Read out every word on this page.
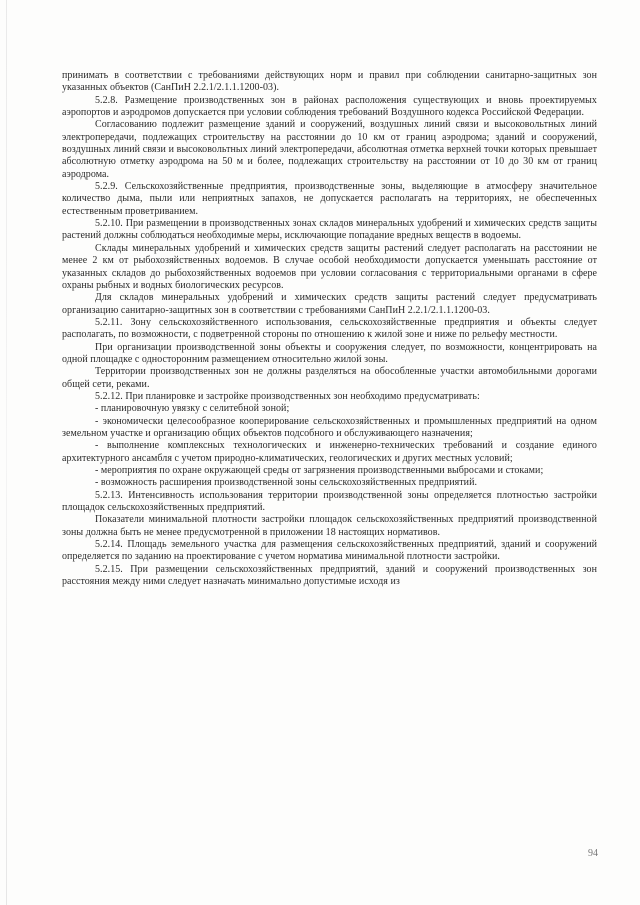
принимать в соответствии с требованиями действующих норм и правил при соблюдении санитарно-защитных зон указанных объектов (СанПиН 2.2.1/2.1.1.1200-03).

5.2.8. Размещение производственных зон в районах расположения существующих и вновь проектируемых аэропортов и аэродромов допускается при условии соблюдения требований Воздушного кодекса Российской Федерации.

Согласованию подлежит размещение зданий и сооружений, воздушных линий связи и высоковольтных линий электропередачи, подлежащих строительству на расстоянии до 10 км от границ аэродрома; зданий и сооружений, воздушных линий связи и высоковольтных линий электропередачи, абсолютная отметка верхней точки которых превышает абсолютную отметку аэродрома на 50 м и более, подлежащих строительству на расстоянии от 10 до 30 км от границ аэродрома.

5.2.9. Сельскохозяйственные предприятия, производственные зоны, выделяющие в атмосферу значительное количество дыма, пыли или неприятных запахов, не допускается располагать на территориях, не обеспеченных естественным проветриванием.

5.2.10. При размещении в производственных зонах складов минеральных удобрений и химических средств защиты растений должны соблюдаться необходимые меры, исключающие попадание вредных веществ в водоемы.

Склады минеральных удобрений и химических средств защиты растений следует располагать на расстоянии не менее 2 км от рыбохозяйственных водоемов. В случае особой необходимости допускается уменьшать расстояние от указанных складов до рыбохозяйственных водоемов при условии согласования с территориальными органами в сфере охраны рыбных и водных биологических ресурсов.

Для складов минеральных удобрений и химических средств защиты растений следует предусматривать организацию санитарно-защитных зон в соответствии с требованиями СанПиН 2.2.1/2.1.1.1200-03.

5.2.11. Зону сельскохозяйственного использования, сельскохозяйственные предприятия и объекты следует располагать, по возможности, с подветренной стороны по отношению к жилой зоне и ниже по рельефу местности.

При организации производственной зоны объекты и сооружения следует, по возможности, концентрировать на одной площадке с односторонним размещением относительно жилой зоны.

Территории производственных зон не должны разделяться на обособленные участки автомобильными дорогами общей сети, реками.

5.2.12. При планировке и застройке производственных зон необходимо предусматривать:

- планировочную увязку с селитебной зоной;

- экономически целесообразное кооперирование сельскохозяйственных и промышленных предприятий на одном земельном участке и организацию общих объектов подсобного и обслуживающего назначения;

- выполнение комплексных технологических и инженерно-технических требований и создание единого архитектурного ансамбля с учетом природно-климатических, геологических и других местных условий;

- мероприятия по охране окружающей среды от загрязнения производственными выбросами и стоками;

- возможность расширения производственной зоны сельскохозяйственных предприятий.

5.2.13. Интенсивность использования территории производственной зоны определяется плотностью застройки площадок сельскохозяйственных предприятий.

Показатели минимальной плотности застройки площадок сельскохозяйственных предприятий производственной зоны должна быть не менее предусмотренной в приложении 18 настоящих нормативов.

5.2.14. Площадь земельного участка для размещения сельскохозяйственных предприятий, зданий и сооружений определяется по заданию на проектирование с учетом норматива минимальной плотности застройки.

5.2.15. При размещении сельскохозяйственных предприятий, зданий и сооружений производственных зон расстояния между ними следует назначать минимально допустимые исходя из

94
